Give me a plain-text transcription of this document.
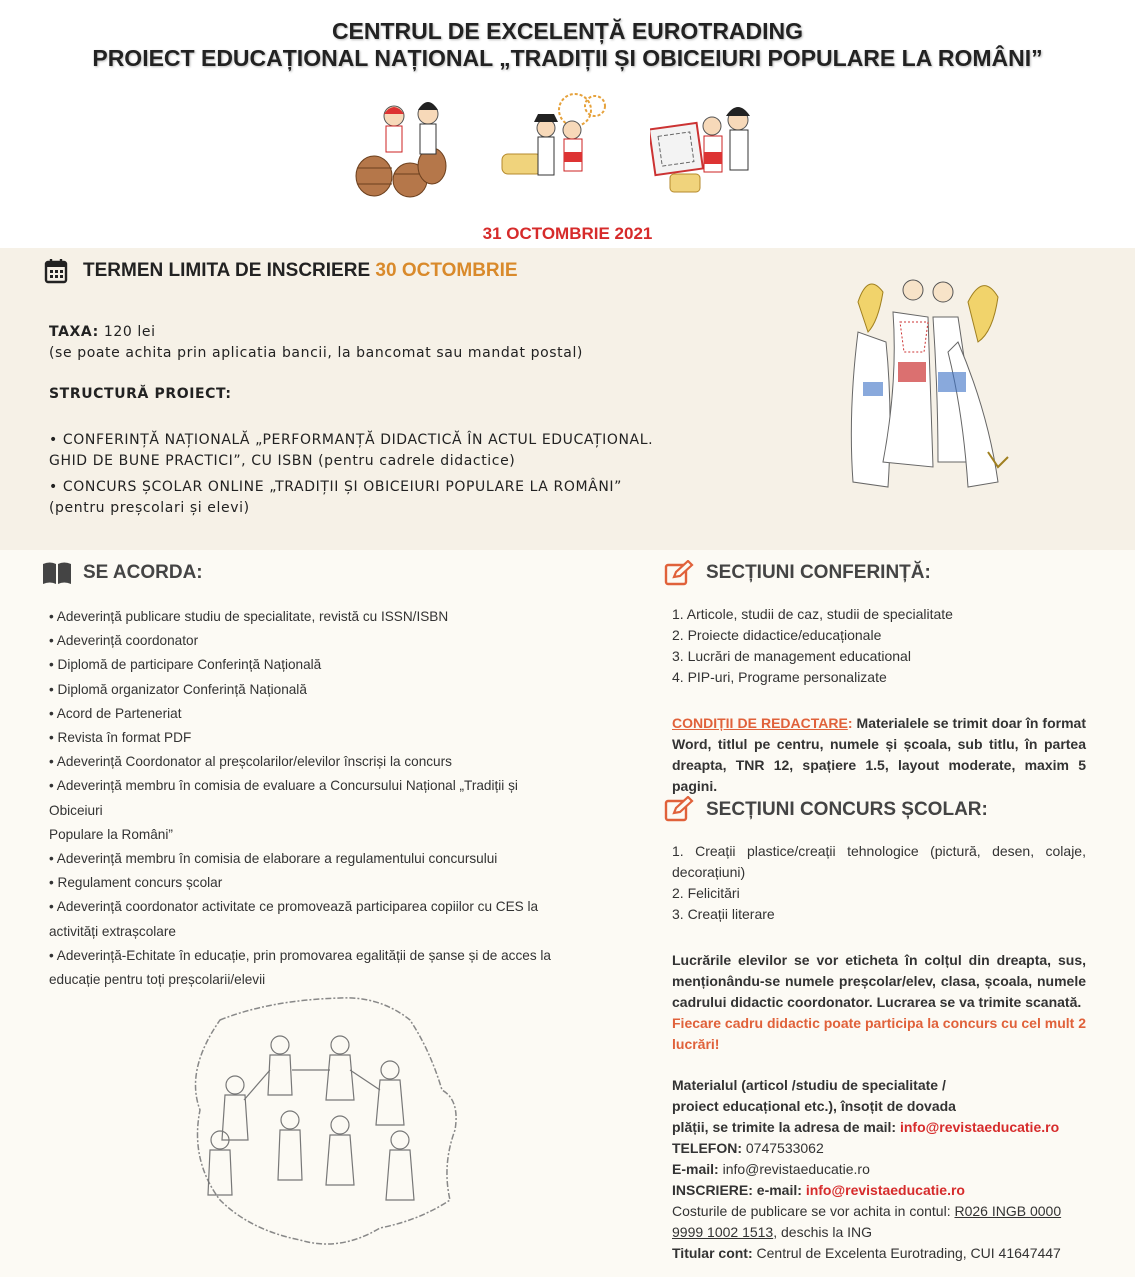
CENTRUL DE EXCELENȚĂ EUROTRADING
PROIECT EDUCAȚIONAL NAȚIONAL „TRADIȚII ȘI OBICEIURI POPULARE LA ROMÂNI”
31 OCTOMBRIE 2021
TERMEN LIMITA DE INSCRIERE 30 OCTOMBRIE
TAXA: 120 lei
(se poate achita prin aplicatia bancii, la bancomat sau mandat postal)
STRUCTURĂ PROIECT:
• CONFERINȚĂ NAȚIONALĂ „PERFORMANȚĂ DIDACTICĂ ÎN ACTUL EDUCAȚIONAL.
GHID DE BUNE PRACTICI”, CU ISBN (pentru cadrele didactice)
• CONCURS ȘCOLAR ONLINE „TRADIȚII ȘI OBICEIURI POPULARE LA ROMÂNI”
(pentru preșcolari și elevi)
SE ACORDA:
• Adeverință publicare studiu de specialitate, revistă cu ISSN/ISBN
• Adeverință coordonator
• Diplomă de participare Conferință Națională
• Diplomă organizator Conferință Națională
• Acord de Parteneriat
• Revista în format PDF
• Adeverință Coordonator al preșcolarilor/elevilor înscriși la concurs
• Adeverință membru în comisia de evaluare a Concursului Național „Tradiții și Obiceiuri
Populare la Români”
• Adeverință membru în comisia de elaborare a regulamentului concursului
• Regulament concurs școlar
• Adeverință coordonator activitate ce promovează participarea copiilor cu CES la
activități extrașcolare
• Adeverință-Echitate în educație, prin promovarea egalității de șanse și de acces la
educație pentru toți preșcolarii/elevii
SECȚIUNI CONFERINȚĂ:
1. Articole, studii de caz, studii de specialitate
2. Proiecte didactice/educaționale
3. Lucrări de management educational
4. PIP-uri, Programe personalizate
CONDIȚII DE REDACTARE: Materialele se trimit doar în format Word, titlul pe centru, numele și școala, sub titlu, în partea dreapta, TNR 12, spațiere 1.5, layout moderate, maxim 5 pagini.
SECȚIUNI CONCURS ȘCOLAR:
1. Creații plastice/creații tehnologice (pictură, desen, colaje, decorațiuni)
2. Felicitări
3. Creații literare
Lucrările elevilor se vor eticheta în colțul din dreapta, sus, menționându-se numele preșcolar/elev, clasa, școala, numele cadrului didactic coordonator. Lucrarea se va trimite scanată.
Fiecare cadru didactic poate participa la concurs cu cel mult 2 lucrări!
Materialul (articol /studiu de specialitate /
proiect educațional etc.), însoțit de dovada
plății, se trimite la adresa de mail: info@revistaeducatie.ro
TELEFON: 0747533062
E-mail: info@revistaeducatie.ro
INSCRIERE: e-mail: info@revistaeducatie.ro
Costurile de publicare se vor achita in contul: R026 INGB 0000 9999 1002 1513, deschis la ING
Titular cont: Centrul de Excelenta Eurotrading, CUI 41647447
